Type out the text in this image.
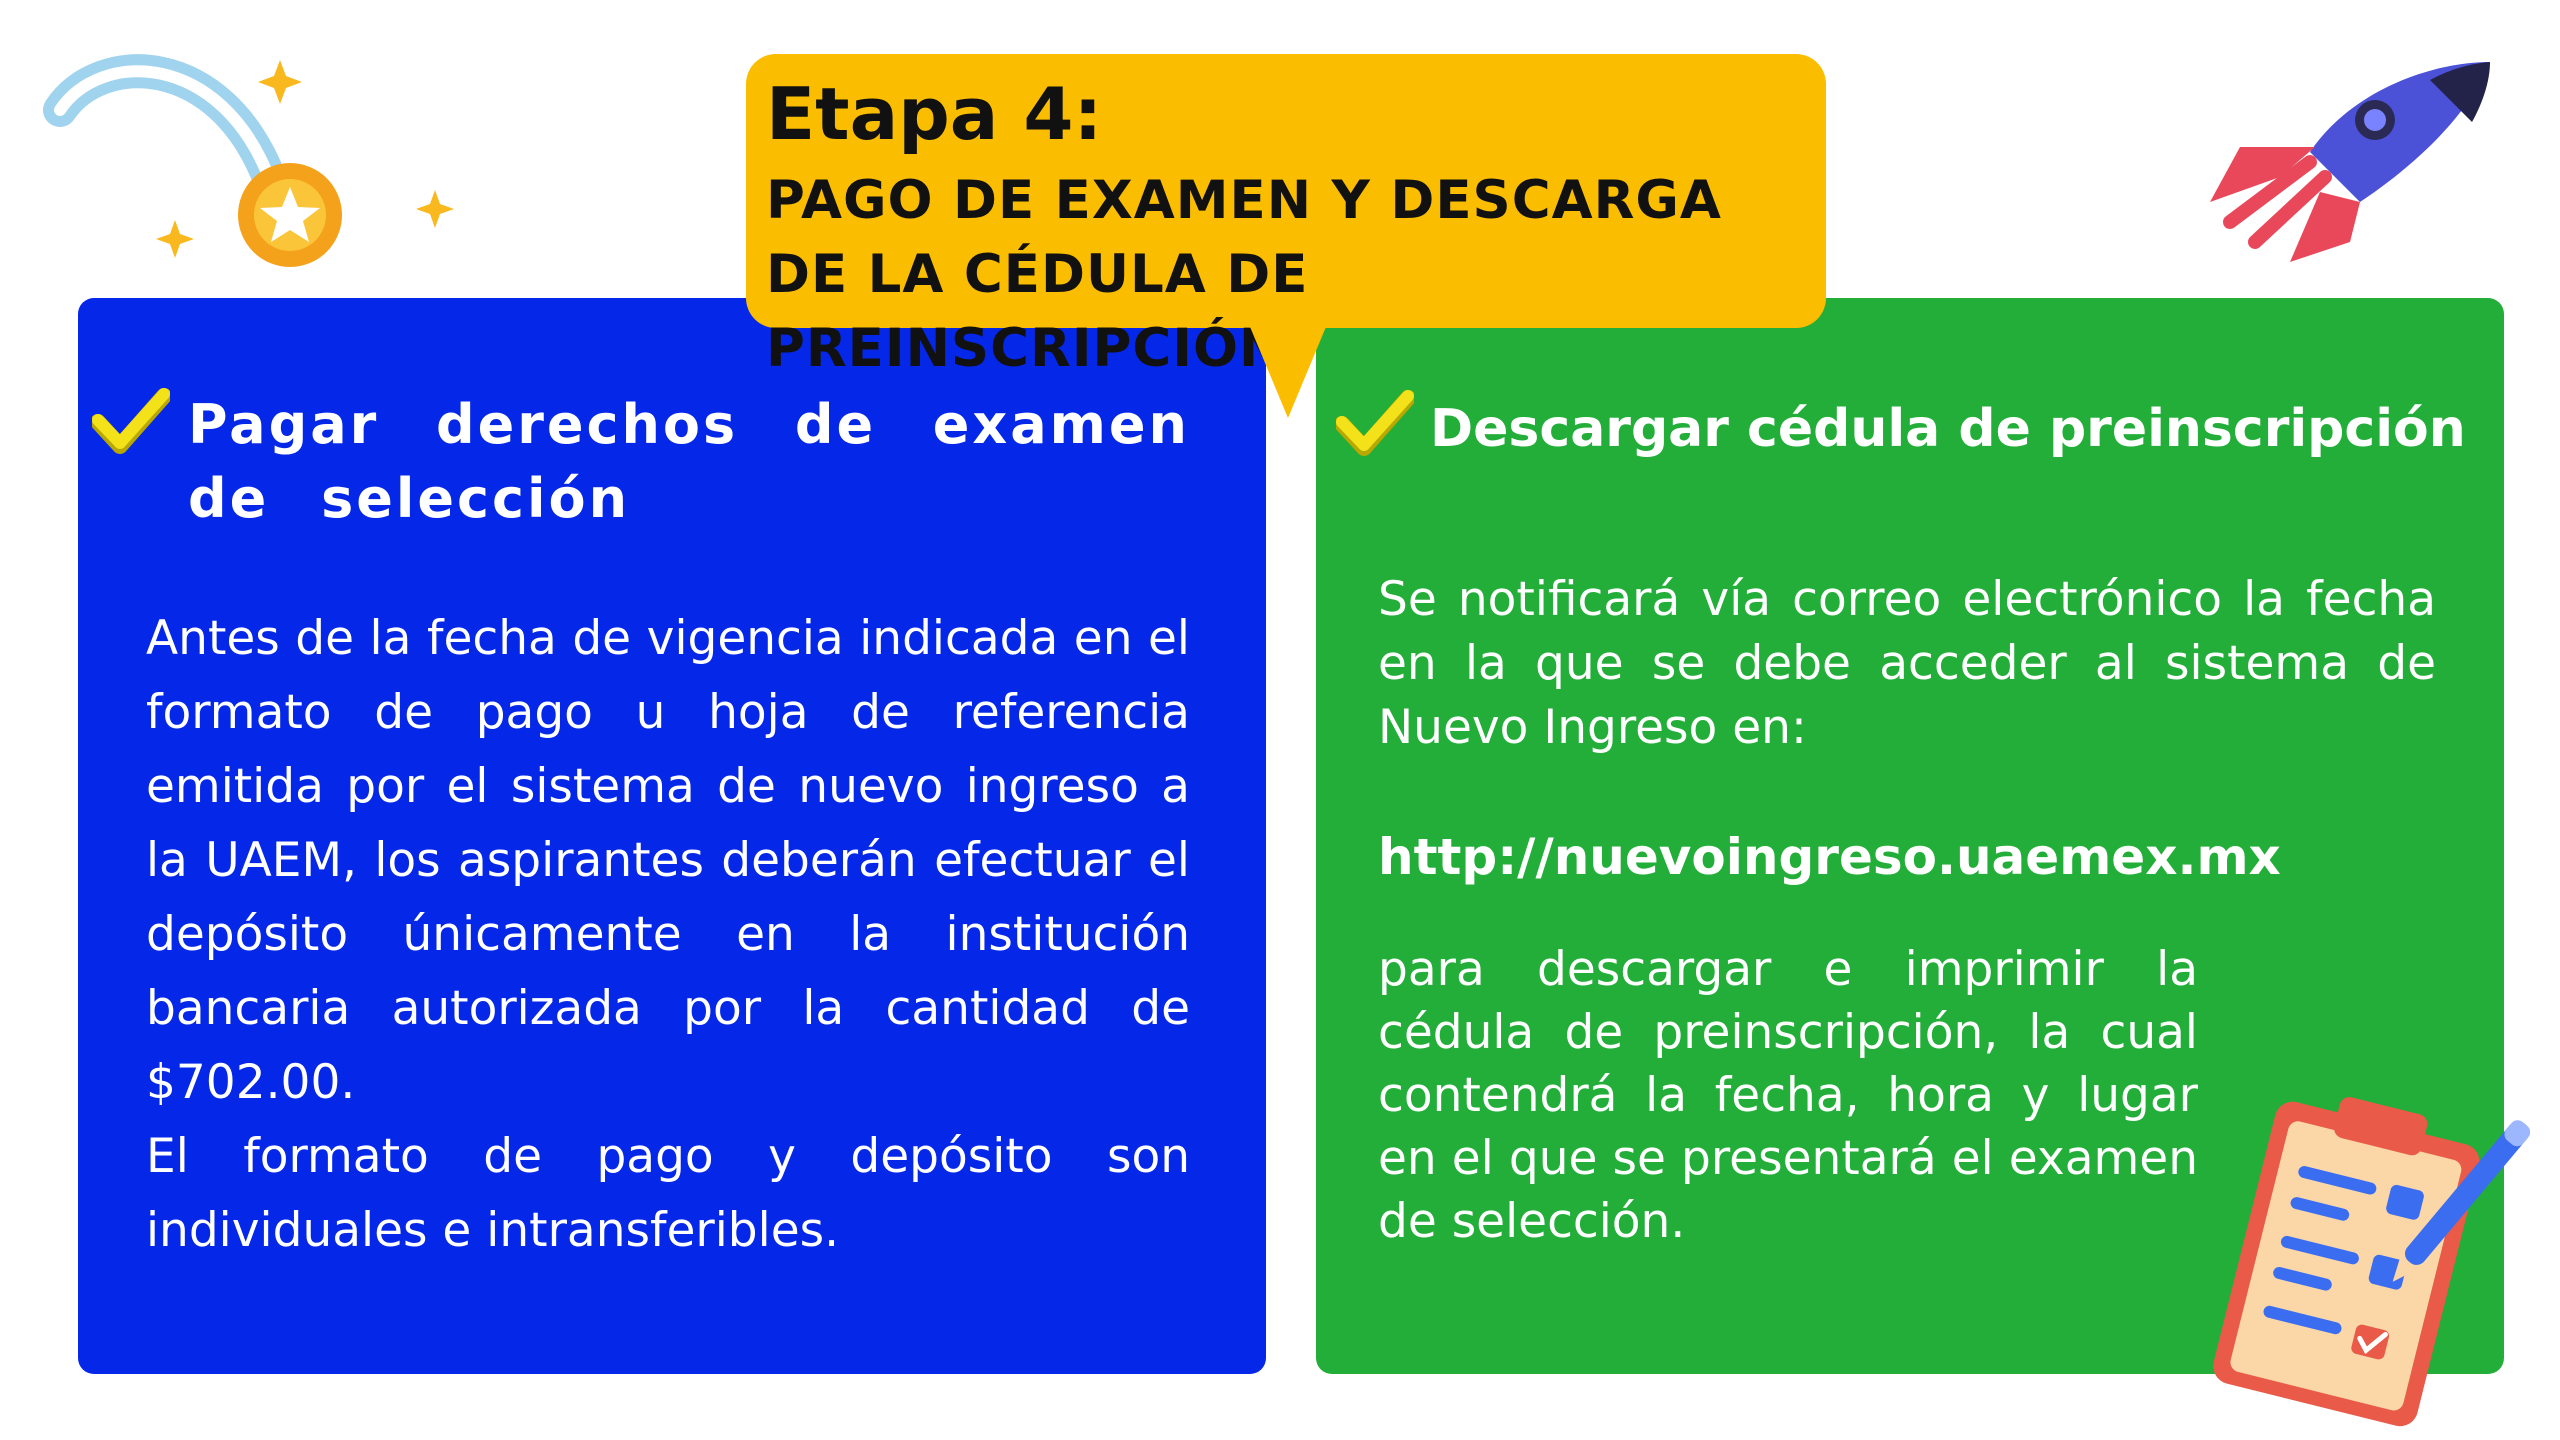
Pagar derechos de examen de selección

Antes de la fecha de vigencia indicada en el formato de pago u hoja de referencia emitida por el sistema de nuevo ingreso a la UAEM, los aspirantes deberán efectuar el depósito únicamente en la institución bancaria autorizada por la cantidad de $702.00.

El formato de pago y depósito son individuales e intransferibles.

Descargar cédula de preinscripción
Se notificará vía correo electrónico la fecha en la que se debe acceder al sistema de Nuevo Ingreso en:
http://nuevoingreso.uaemex.mx
para descargar e imprimir la cédula de preinscripción, la cual contendrá la fecha, hora y lugar en el que se presentará el examen de selección.
Etapa 4:
PAGO DE EXAMEN Y DESCARGA DE LA CÉDULA DE PREINSCRIPCIÓN.
